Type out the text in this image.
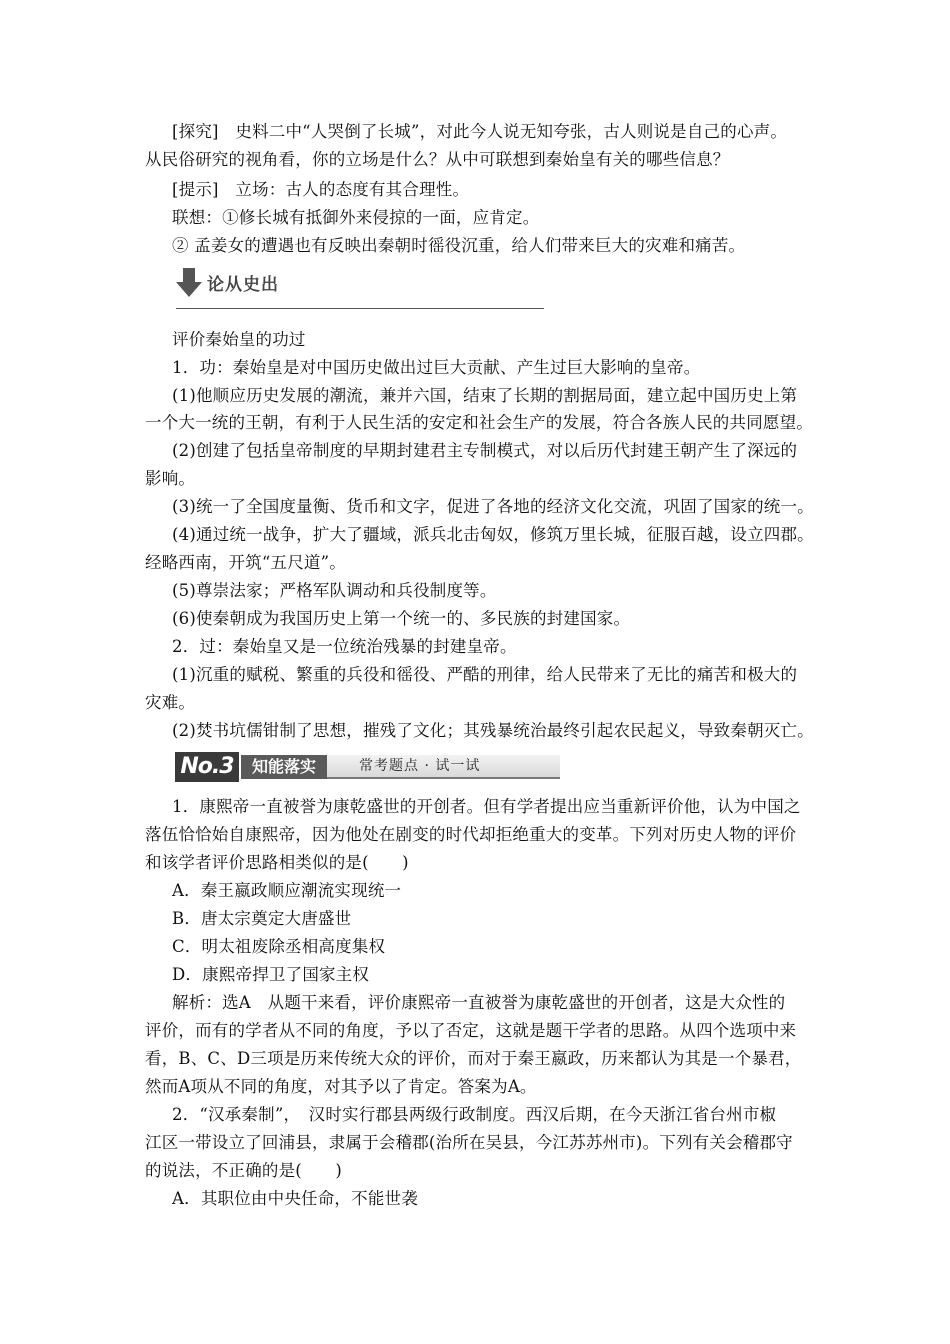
[探究]　史料二中“人哭倒了长城”，对此今人说无知夸张，古人则说是自己的心声。
从民俗研究的视角看，你的立场是什么？从中可联想到秦始皇有关的哪些信息？
[提示]　立场：古人的态度有其合理性。
联想：①修长城有抵御外来侵掠的一面，应肯定。
② 孟姜女的遭遇也有反映出秦朝时徭役沉重，给人们带来巨大的灾难和痛苦。
论从史出
评价秦始皇的功过
1．功：秦始皇是对中国历史做出过巨大贡献、产生过巨大影响的皇帝。
(1)他顺应历史发展的潮流，兼并六国，结束了长期的割据局面，建立起中国历史上第
一个大一统的王朝，有利于人民生活的安定和社会生产的发展，符合各族人民的共同愿望。
(2)创建了包括皇帝制度的早期封建君主专制模式，对以后历代封建王朝产生了深远的
影响。
(3)统一了全国度量衡、货币和文字，促进了各地的经济文化交流，巩固了国家的统一。
(4)通过统一战争，扩大了疆域，派兵北击匈奴，修筑万里长城，征服百越，设立四郡。
经略西南，开筑“五尺道”。
(5)尊崇法家；严格军队调动和兵役制度等。
(6)使秦朝成为我国历史上第一个统一的、多民族的封建国家。
2．过：秦始皇又是一位统治残暴的封建皇帝。
(1)沉重的赋税、繁重的兵役和徭役、严酷的刑律，给人民带来了无比的痛苦和极大的
灾难。
(2)焚书坑儒钳制了思想，摧残了文化；其残暴统治最终引起农民起义，导致秦朝灭亡。
No.3	知能落实	常考题点 · 试一试
1．康熙帝一直被誉为康乾盛世的开创者。但有学者提出应当重新评价他，认为中国之
落伍恰恰始自康熙帝，因为他处在剧变的时代却拒绝重大的变革。下列对历史人物的评价
和该学者评价思路相类似的是(　　)
A．秦王嬴政顺应潮流实现统一
B．唐太宗奠定大唐盛世
C．明太祖废除丞相高度集权
D．康熙帝捍卫了国家主权
解析：选A　从题干来看，评价康熙帝一直被誉为康乾盛世的开创者，这是大众性的
评价，而有的学者从不同的角度，予以了否定，这就是题干学者的思路。从四个选项中来
看，B、C、D三项是历来传统大众的评价，而对于秦王嬴政，历来都认为其是一个暴君，
然而A项从不同的角度，对其予以了肯定。答案为A。
2．“汉承秦制”，　汉时实行郡县两级行政制度。西汉后期，在今天浙江省台州市椒
江区一带设立了回浦县，隶属于会稽郡(治所在吴县，今江苏苏州市)。下列有关会稽郡守
的说法，不正确的是(　　)
A．其职位由中央任命，不能世袭
